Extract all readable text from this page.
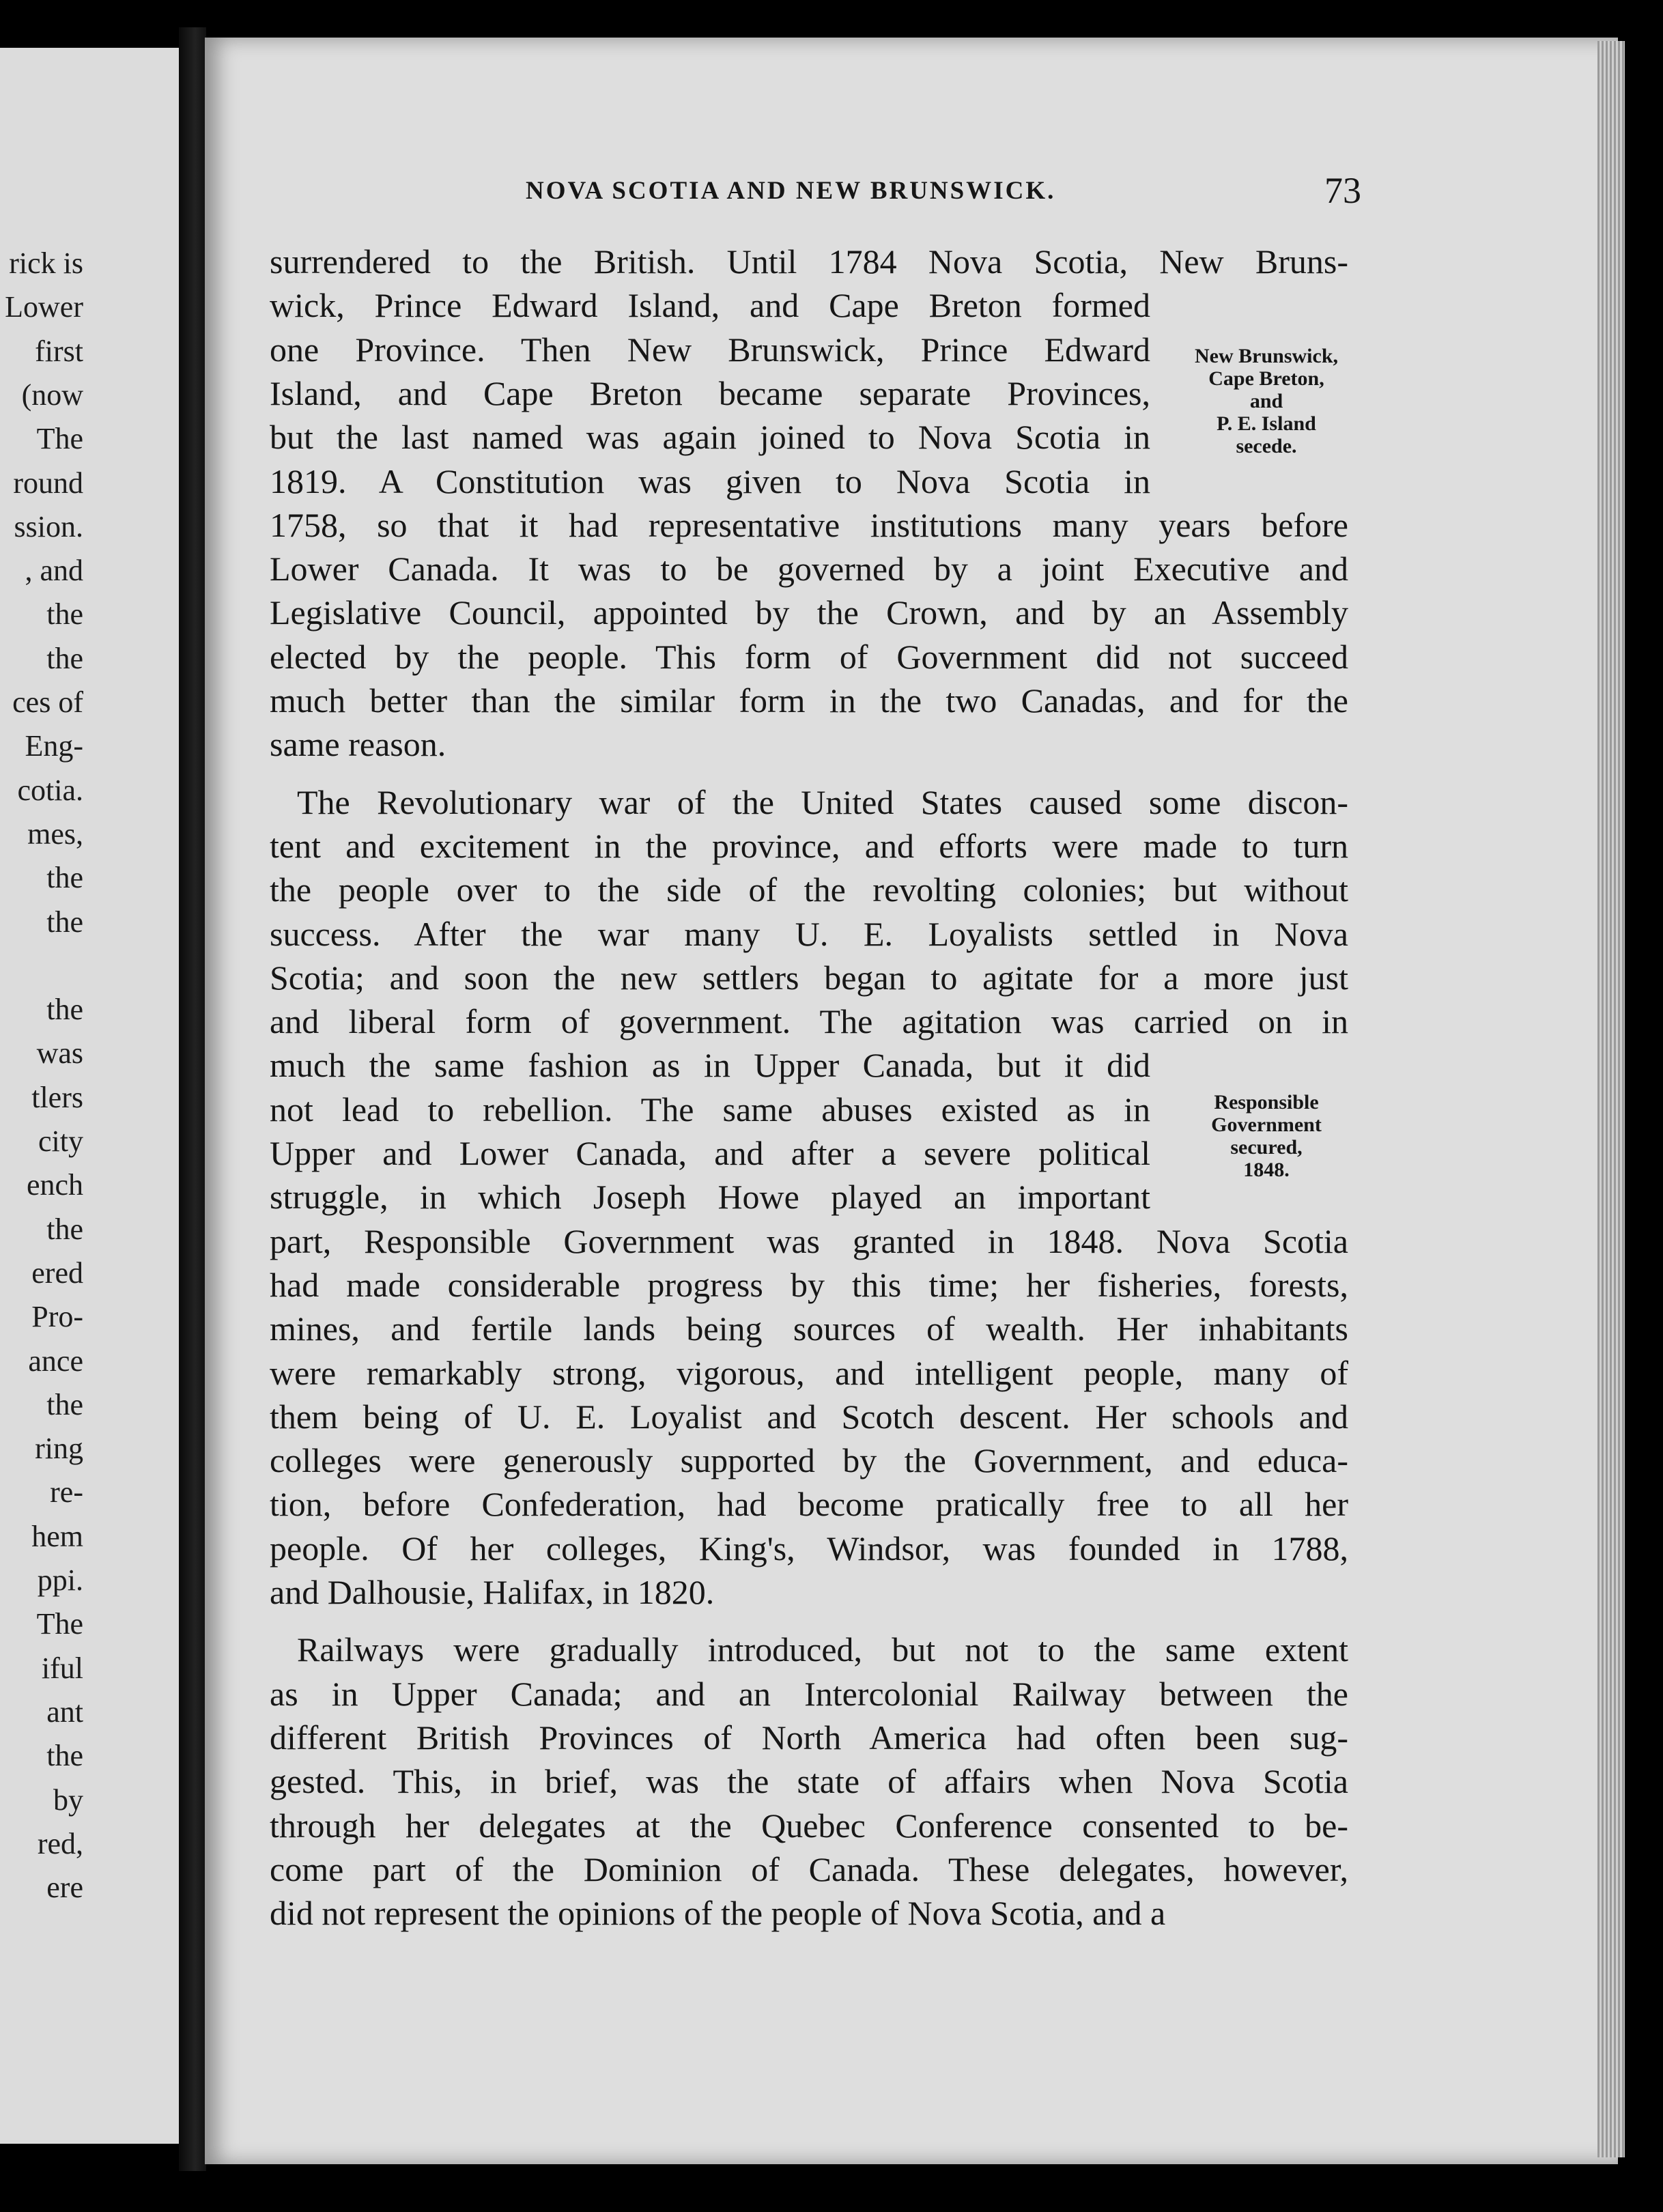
rick is
Lower
first
(now
The
round
ssion.
, and
the
the
ces of
Eng-
cotia.
mes,
the
the
the
was
tlers
city
ench
the
ered
Pro-
ance
the
ring
re-
hem
ppi.
The
iful
ant
the
by
red,
ere
NOVA SCOTIA AND NEW BRUNSWICK.	73
surrendered to the British. Until 1784 Nova Scotia, New Bruns-
wick, Prince Edward Island, and Cape Breton formed
one Province. Then New Brunswick, Prince Edward
Island, and Cape Breton became separate Provinces,
but the last named was again joined to Nova Scotia in
1819. A Constitution was given to Nova Scotia in
1758, so that it had representative institutions many years before
Lower Canada. It was to be governed by a joint Executive and
Legislative Council, appointed by the Crown, and by an Assembly
elected by the people. This form of Government did not succeed
much better than the similar form in the two Canadas, and for the
same reason.
The Revolutionary war of the United States caused some discon-
tent and excitement in the province, and efforts were made to turn
the people over to the side of the revolting colonies; but without
success. After the war many U. E. Loyalists settled in Nova
Scotia; and soon the new settlers began to agitate for a more just
and liberal form of government. The agitation was carried on in
much the same fashion as in Upper Canada, but it did
not lead to rebellion. The same abuses existed as in
Upper and Lower Canada, and after a severe political
struggle, in which Joseph Howe played an important
part, Responsible Government was granted in 1848. Nova Scotia
had made considerable progress by this time; her fisheries, forests,
mines, and fertile lands being sources of wealth. Her inhabitants
were remarkably strong, vigorous, and intelligent people, many of
them being of U. E. Loyalist and Scotch descent. Her schools and
colleges were generously supported by the Government, and educa-
tion, before Confederation, had become pratically free to all her
people. Of her colleges, King's, Windsor, was founded in 1788,
and Dalhousie, Halifax, in 1820.
Railways were gradually introduced, but not to the same extent
as in Upper Canada; and an Intercolonial Railway between the
different British Provinces of North America had often been sug-
gested. This, in brief, was the state of affairs when Nova Scotia
through her delegates at the Quebec Conference consented to be-
come part of the Dominion of Canada. These delegates, however,
did not represent the opinions of the people of Nova Scotia, and a
New Brunswick,
Cape Breton,
and
P. E. Island
secede.
Responsible
Government
secured,
1848.
